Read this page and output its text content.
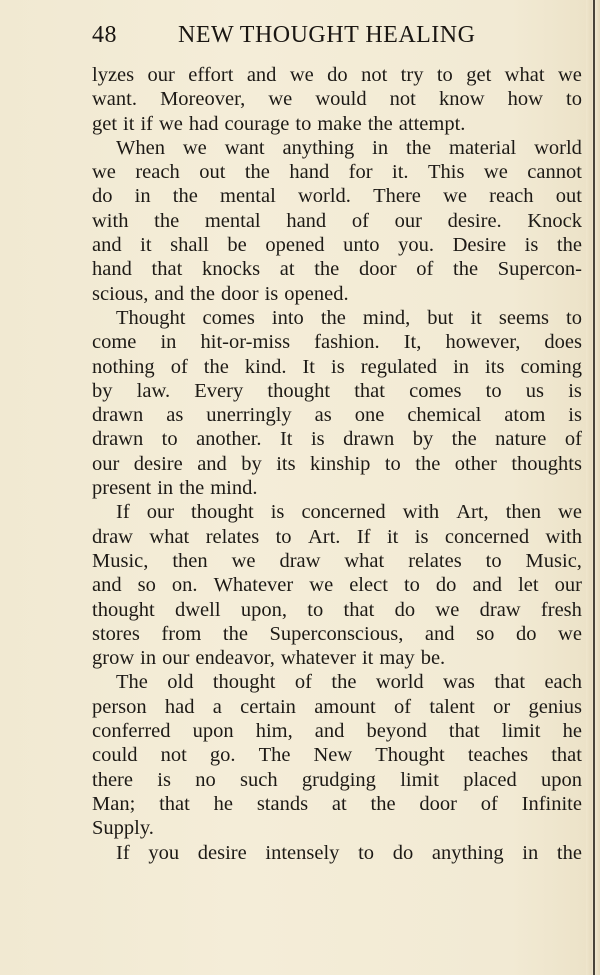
48	NEW THOUGHT HEALING
lyzes our effort and we do not try to get what we
want. Moreover, we would not know how to
get it if we had courage to make the attempt.
When we want anything in the material world
we reach out the hand for it. This we cannot
do in the mental world. There we reach out
with the mental hand of our desire. Knock
and it shall be opened unto you. Desire is the
hand that knocks at the door of the Supercon-
scious, and the door is opened.
Thought comes into the mind, but it seems to
come in hit-or-miss fashion. It, however, does
nothing of the kind. It is regulated in its coming
by law. Every thought that comes to us is
drawn as unerringly as one chemical atom is
drawn to another. It is drawn by the nature of
our desire and by its kinship to the other thoughts
present in the mind.
If our thought is concerned with Art, then we
draw what relates to Art. If it is concerned with
Music, then we draw what relates to Music,
and so on. Whatever we elect to do and let our
thought dwell upon, to that do we draw fresh
stores from the Superconscious, and so do we
grow in our endeavor, whatever it may be.
The old thought of the world was that each
person had a certain amount of talent or genius
conferred upon him, and beyond that limit he
could not go. The New Thought teaches that
there is no such grudging limit placed upon
Man; that he stands at the door of Infinite
Supply.
If you desire intensely to do anything in the
